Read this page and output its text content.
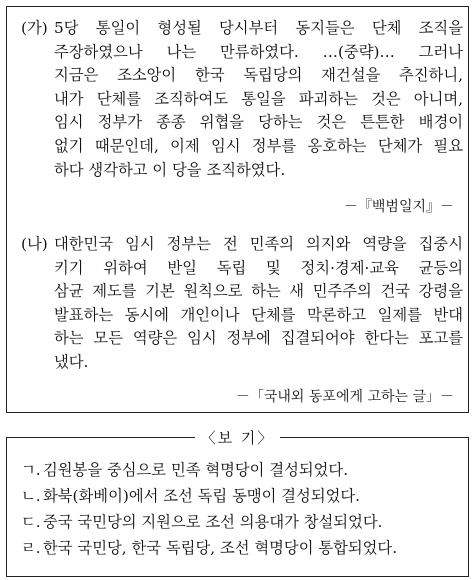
(가) 5당 통일이 형성될 당시부터 동지들은 단체 조직을
주장하였으나 나는 만류하였다. …(중략)… 그러나
지금은 조소앙이 한국 독립당의 재건설을 추진하니,
내가 단체를 조직하여도 통일을 파괴하는 것은 아니며,
임시 정부가 종종 위협을 당하는 것은 튼튼한 배경이
없기 때문인데, 이제 임시 정부를 옹호하는 단체가 필요
하다 생각하고 이 당을 조직하였다.
－『백범일지』－
(나) 대한민국 임시 정부는 전 민족의 의지와 역량을 집중시
키기 위하여 반일 독립 및 정치·경제·교육 균등의
삼균 제도를 기본 원칙으로 하는 새 민주주의 건국 강령을
발표하는 동시에 개인이나 단체를 막론하고 일제를 반대
하는 모든 역량은 임시 정부에 집결되어야 한다는 포고를
냈다.
－「국내외 동포에게 고하는 글」－
〈보 기〉
ㄱ. 김원봉을 중심으로 민족 혁명당이 결성되었다.
ㄴ. 화북(화베이)에서 조선 독립 동맹이 결성되었다.
ㄷ. 중국 국민당의 지원으로 조선 의용대가 창설되었다.
ㄹ. 한국 국민당, 한국 독립당, 조선 혁명당이 통합되었다.
